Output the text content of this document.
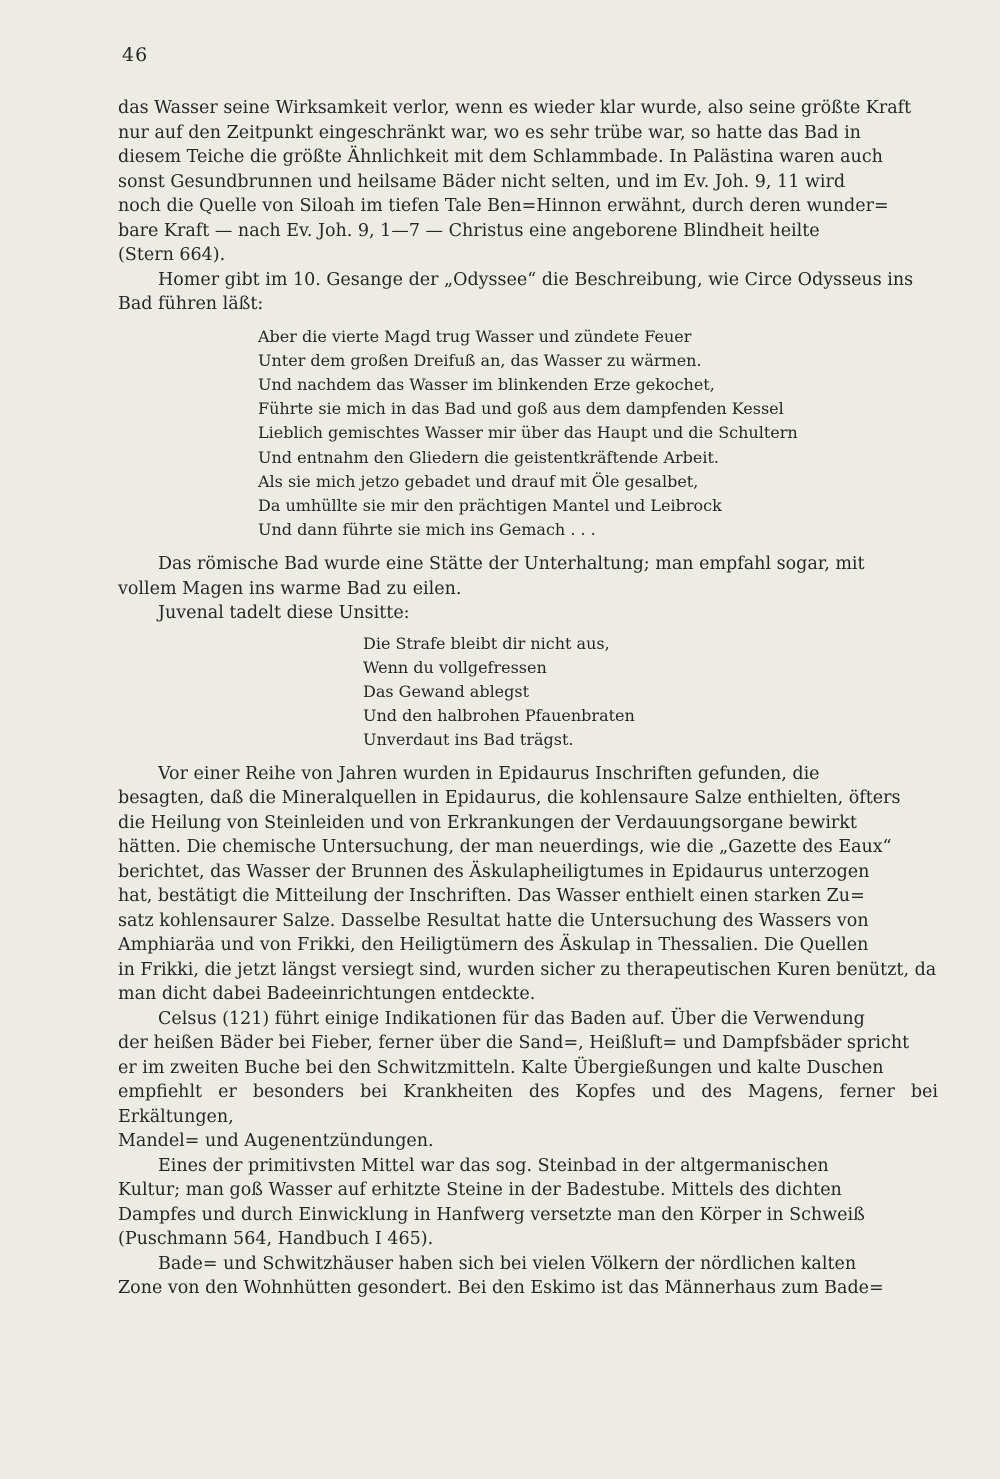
46

das Wasser seine Wirksamkeit verlor, wenn es wieder klar wurde, also seine größte Kraft
nur auf den Zeitpunkt eingeschränkt war, wo es sehr trübe war, so hatte das Bad in
diesem Teiche die größte Ähnlichkeit mit dem Schlammbade. In Palästina waren auch
sonst Gesundbrunnen und heilsame Bäder nicht selten, und im Ev. Joh. 9, 11 wird
noch die Quelle von Siloah im tiefen Tale Ben=Hinnon erwähnt, durch deren wunder=
bare Kraft — nach Ev. Joh. 9, 1—7 — Christus eine angeborene Blindheit heilte
(Stern 664).

Homer gibt im 10. Gesange der „Odyssee“ die Beschreibung, wie Circe Odysseus ins
Bad führen läßt:

Aber die vierte Magd trug Wasser und zündete Feuer
Unter dem großen Dreifuß an, das Wasser zu wärmen.
Und nachdem das Wasser im blinkenden Erze gekochet,
Führte sie mich in das Bad und goß aus dem dampfenden Kessel
Lieblich gemischtes Wasser mir über das Haupt und die Schultern
Und entnahm den Gliedern die geistentkräftende Arbeit.
Als sie mich jetzo gebadet und drauf mit Öle gesalbet,
Da umhüllte sie mir den prächtigen Mantel und Leibrock
Und dann führte sie mich ins Gemach . . .

Das römische Bad wurde eine Stätte der Unterhaltung; man empfahl sogar, mit
vollem Magen ins warme Bad zu eilen.

Juvenal tadelt diese Unsitte:

Die Strafe bleibt dir nicht aus,
Wenn du vollgefressen
Das Gewand ablegst
Und den halbrohen Pfauenbraten
Unverdaut ins Bad trägst.

Vor einer Reihe von Jahren wurden in Epidaurus Inschriften gefunden, die
besagten, daß die Mineralquellen in Epidaurus, die kohlensaure Salze enthielten, öfters
die Heilung von Steinleiden und von Erkrankungen der Verdauungsorgane bewirkt
hätten. Die chemische Untersuchung, der man neuerdings, wie die „Gazette des Eaux“
berichtet, das Wasser der Brunnen des Äskulapheiligtumes in Epidaurus unterzogen
hat, bestätigt die Mitteilung der Inschriften. Das Wasser enthielt einen starken Zu=
satz kohlensaurer Salze. Dasselbe Resultat hatte die Untersuchung des Wassers von
Amphiaräa und von Frikki, den Heiligtümern des Äskulap in Thessalien. Die Quellen
in Frikki, die jetzt längst versiegt sind, wurden sicher zu therapeutischen Kuren benützt, da
man dicht dabei Badeeinrichtungen entdeckte.

Celsus (121) führt einige Indikationen für das Baden auf. Über die Verwendung
der heißen Bäder bei Fieber, ferner über die Sand=, Heißluft= und Dampfsbäder spricht
er im zweiten Buche bei den Schwitzmitteln. Kalte Übergießungen und kalte Duschen
empfiehlt er besonders bei Krankheiten des Kopfes und des Magens, ferner bei Erkältungen,
Mandel= und Augenentzündungen.

Eines der primitivsten Mittel war das sog. Steinbad in der altgermanischen
Kultur; man goß Wasser auf erhitzte Steine in der Badestube. Mittels des dichten
Dampfes und durch Einwicklung in Hanfwerg versetzte man den Körper in Schweiß
(Puschmann 564, Handbuch I 465).

Bade= und Schwitzhäuser haben sich bei vielen Völkern der nördlichen kalten
Zone von den Wohnhütten gesondert. Bei den Eskimo ist das Männerhaus zum Bade=
